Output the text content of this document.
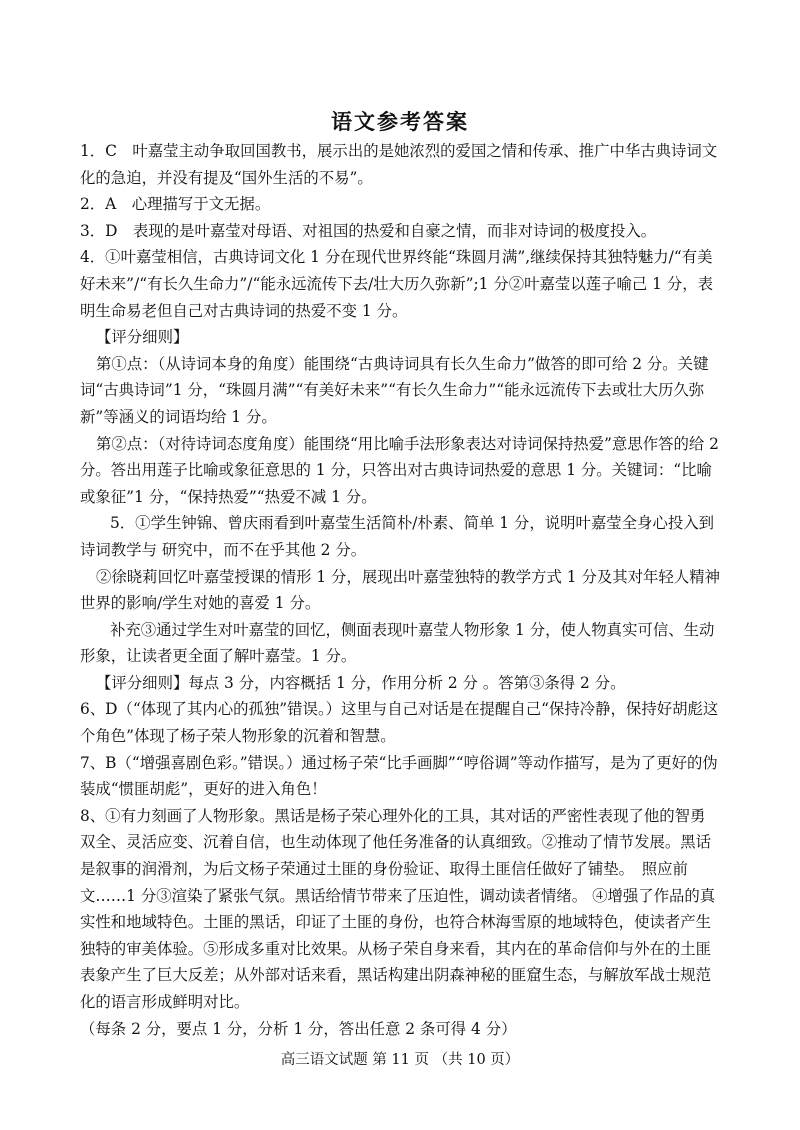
语文参考答案

1．C　叶嘉莹主动争取回国教书，展示出的是她浓烈的爱国之情和传承、推广中华古典诗词文化的急迫，并没有提及“国外生活的不易”。

2．A　心理描写于文无据。

3．D　表现的是叶嘉莹对母语、对祖国的热爱和自豪之情，而非对诗词的极度投入。

4．①叶嘉莹相信，古典诗词文化 1 分在现代世界终能“珠圆月满”,继续保持其独特魅力/“有美好未来”/“有长久生命力”/“能永远流传下去/壮大历久弥新”;1 分②叶嘉莹以莲子喻己 1 分，表明生命易老但自己对古典诗词的热爱不变 1 分。

【评分细则】

第①点：（从诗词本身的角度）能围绕“古典诗词具有长久生命力”做答的即可给 2 分。关键词“古典诗词”1 分，“珠圆月满”“有美好未来”“有长久生命力”“能永远流传下去或壮大历久弥新”等涵义的词语均给 1 分。

第②点：（对待诗词态度角度）能围绕“用比喻手法形象表达对诗词保持热爱”意思作答的给 2 分。答出用莲子比喻或象征意思的 1 分，只答出对古典诗词热爱的意思 1 分。关键词：“比喻或象征”1 分，“保持热爱”“热爱不减 1 分。

5．①学生钟锦、曾庆雨看到叶嘉莹生活简朴/朴素、简单 1 分，说明叶嘉莹全身心投入到诗词教学与 研究中，而不在乎其他 2 分。

②徐晓莉回忆叶嘉莹授课的情形 1 分，展现出叶嘉莹独特的教学方式 1 分及其对年轻人精神世界的影响/学生对她的喜爱 1 分。

补充③通过学生对叶嘉莹的回忆，侧面表现叶嘉莹人物形象 1 分，使人物真实可信、生动形象，让读者更全面了解叶嘉莹。1 分。

【评分细则】每点 3 分，内容概括 1 分，作用分析 2 分 。答第③条得 2 分。

6、D（“体现了其内心的孤独”错误。）这里与自己对话是在提醒自己“保持冷静，保持好胡彪这个角色”体现了杨子荣人物形象的沉着和智慧。

7、B（“增强喜剧色彩。”错误。）通过杨子荣“比手画脚”“哼俗调”等动作描写，是为了更好的伪装成“惯匪胡彪”，更好的进入角色！

8、①有力刻画了人物形象。黑话是杨子荣心理外化的工具，其对话的严密性表现了他的智勇双全、灵活应变、沉着自信，也生动体现了他任务准备的认真细致。②推动了情节发展。黑话是叙事的润滑剂，为后文杨子荣通过土匪的身份验证、取得土匪信任做好了铺垫。　照应前文……1 分③渲染了紧张气氛。黑话给情节带来了压迫性，调动读者情绪。 ④增强了作品的真实性和地域特色。土匪的黑话，印证了土匪的身份，也符合林海雪原的地域特色，使读者产生独特的审美体验。⑤形成多重对比效果。从杨子荣自身来看，其内在的革命信仰与外在的土匪表象产生了巨大反差；从外部对话来看，黑话构建出阴森神秘的匪窟生态，与解放军战士规范化的语言形成鲜明对比。

（每条 2 分，要点 1 分，分析 1 分，答出任意 2 条可得 4 分）

高三语文试题 第 11 页 （共 10 页）
